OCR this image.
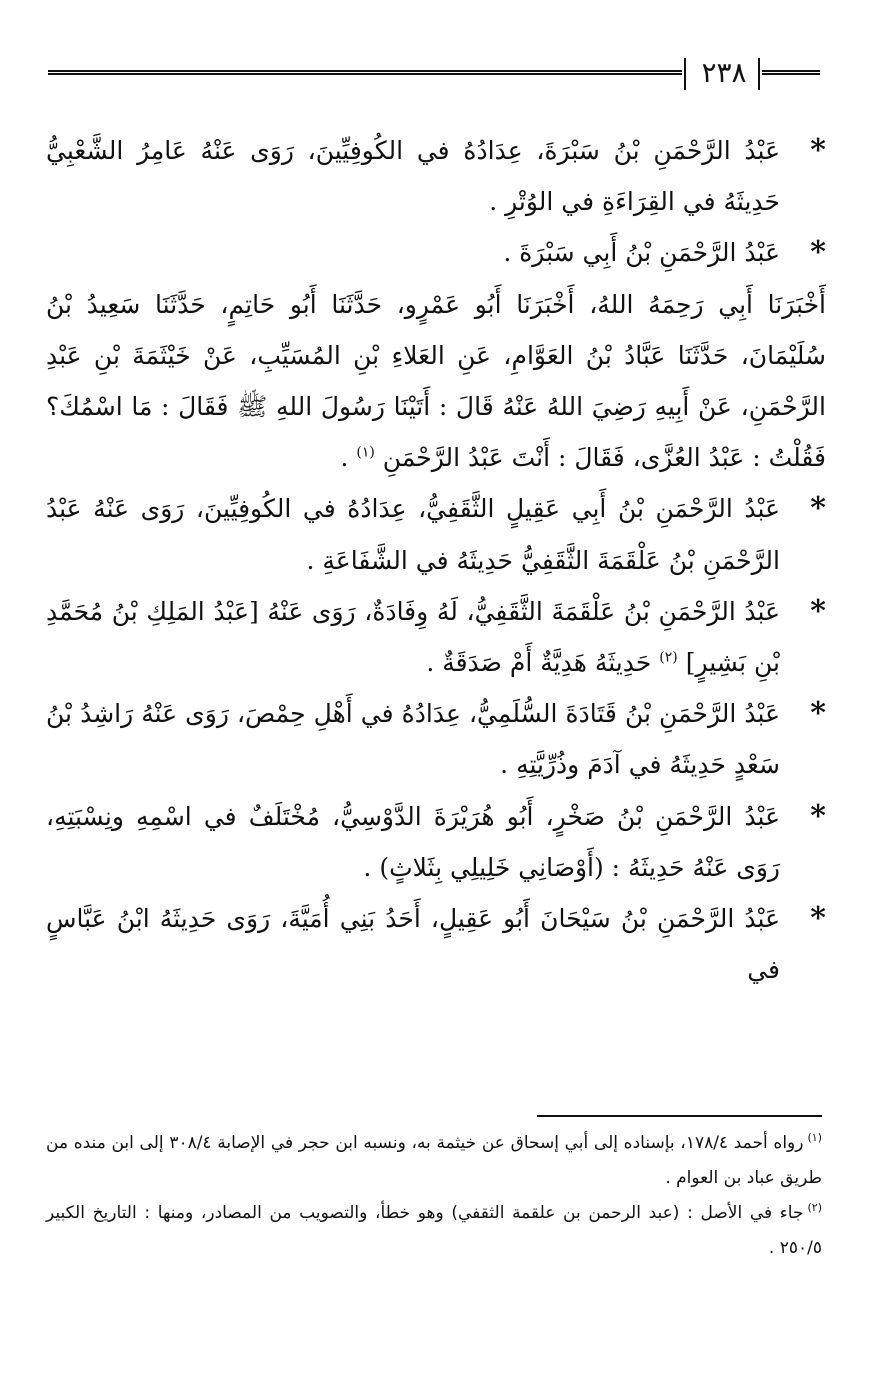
٢٣٨

*
عَبْدُ الرَّحْمَنِ بْنُ سَبْرَةَ، عِدَادُهُ في الكُوفِيِّينَ، رَوَى عَنْهُ عَامِرُ الشَّعْبِيُّ حَدِيثَهُ في القِرَاءَةِ في الوُتْرِ .

*
عَبْدُ الرَّحْمَنِ بْنُ أَبِي سَبْرَةَ .

أَخْبَرَنَا أَبِي رَحِمَهُ اللهُ، أَخْبَرَنَا أَبُو عَمْرٍو، حَدَّثَنَا أَبُو حَاتِمٍ، حَدَّثَنَا سَعِيدُ بْنُ سُلَيْمَانَ، حَدَّثَنَا عَبَّادُ بْنُ العَوَّامِ، عَنِ العَلاءِ بْنِ المُسَيِّبِ، عَنْ خَيْثَمَةَ بْنِ عَبْدِ الرَّحْمَنِ، عَنْ أَبِيهِ رَضِيَ اللهُ عَنْهُ قَالَ : أَتَيْنَا رَسُولَ اللهِ ﷺ فَقَالَ : مَا اسْمُكَ؟ فَقُلْتُ : عَبْدُ العُزَّى، فَقَالَ : أَنْتَ عَبْدُ الرَّحْمَنِ $^{(١)}$ .

*
عَبْدُ الرَّحْمَنِ بْنُ أَبِي عَقِيلٍ الثَّقَفِيُّ، عِدَادُهُ في الكُوفِيِّينَ، رَوَى عَنْهُ عَبْدُ الرَّحْمَنِ بْنُ عَلْقَمَةَ الثَّقَفِيُّ حَدِيثَهُ في الشَّفَاعَةِ .

*
عَبْدُ الرَّحْمَنِ بْنُ عَلْقَمَةَ الثَّقَفِيُّ، لَهُ وِفَادَةٌ، رَوَى عَنْهُ [عَبْدُ المَلِكِ بْنُ مُحَمَّدِ بْنِ بَشِيرٍ] $^{(٢)}$ حَدِيثَهُ هَدِيَّةٌ أَمْ صَدَقَةٌ .

*
عَبْدُ الرَّحْمَنِ بْنُ قَتَادَةَ السُّلَمِيُّ، عِدَادُهُ في أَهْلِ حِمْصَ، رَوَى عَنْهُ رَاشِدُ بْنُ سَعْدٍ حَدِيثَهُ في آدَمَ وذُرِّيَّتِهِ .

*
عَبْدُ الرَّحْمَنِ بْنُ صَخْرٍ، أَبُو هُرَيْرَةَ الدَّوْسِيُّ، مُخْتَلَفٌ في اسْمِهِ ونِسْبَتِهِ، رَوَى عَنْهُ حَدِيثَهُ : (أَوْصَانِي خَلِيلِي بِثَلاثٍ) .

*
عَبْدُ الرَّحْمَنِ بْنُ سَيْحَانَ أَبُو عَقِيلٍ، أَحَدُ بَنِي أُمَيَّةَ، رَوَى حَدِيثَهُ ابْنُ عَبَّاسٍ في

$^{(١)}$رواه أحمد ١٧٨/٤، بإسناده إلى أبي إسحاق عن خيثمة به، ونسبه ابن حجر في الإصابة ٣٠٨/٤ إلى ابن منده من طريق عباد بن العوام .

$^{(٢)}$جاء في الأصل : (عبد الرحمن بن علقمة الثقفي) وهو خطأ، والتصويب من المصادر، ومنها : التاريخ الكبير ٢٥٠/٥ .
